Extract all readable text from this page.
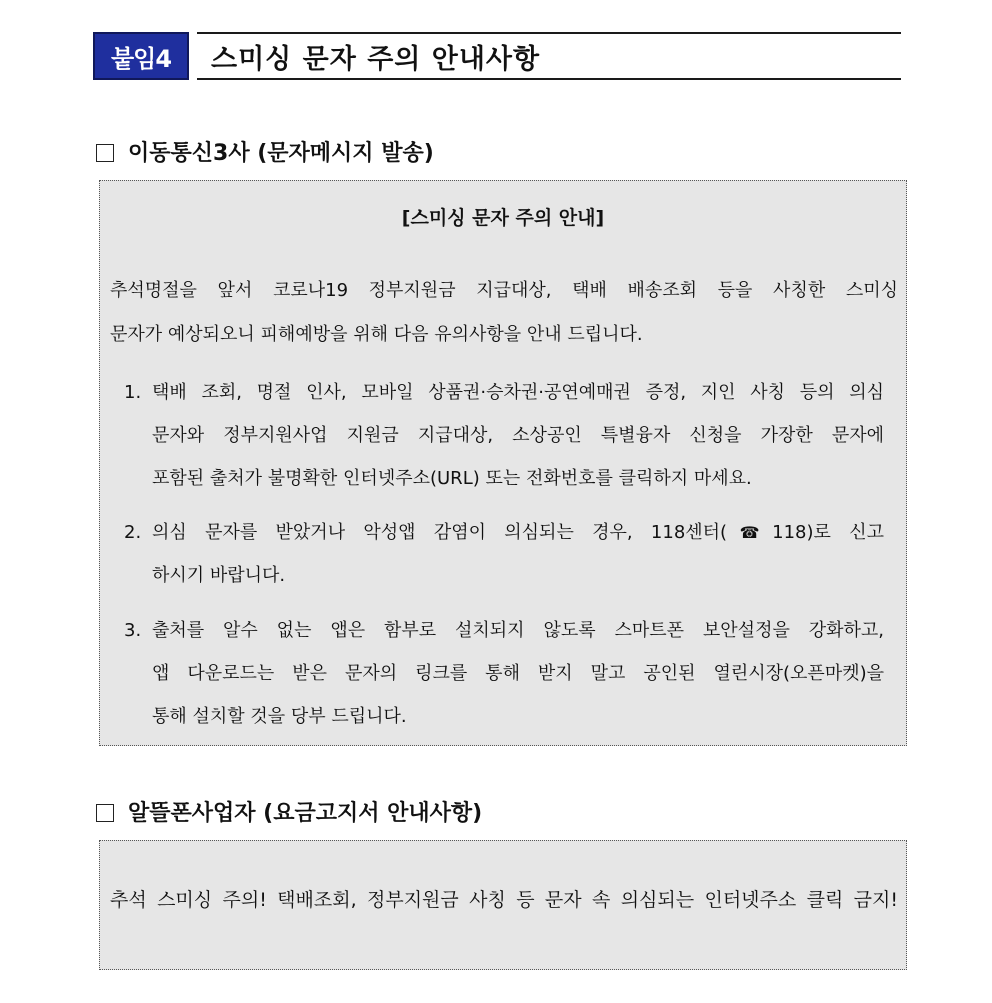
붙임4	스미싱 문자 주의 안내사항
이동통신3사 (문자메시지 발송)
[스미싱 문자 주의 안내]
추석명절을 앞서 코로나19 정부지원금 지급대상, 택배 배송조회 등을 사칭한 스미싱
문자가 예상되오니 피해예방을 위해 다음 유의사항을 안내 드립니다.
1. 택배 조회, 명절 인사, 모바일 상품권·승차권·공연예매권 증정, 지인 사칭 등의 의심
문자와 정부지원사업 지원금 지급대상, 소상공인 특별융자 신청을 가장한 문자에
포함된 출처가 불명확한 인터넷주소(URL) 또는 전화번호를 클릭하지 마세요.
2. 의심 문자를 받았거나 악성앱 감염이 의심되는 경우, 118센터(☎118)로 신고
하시기 바랍니다.
3. 출처를 알수 없는 앱은 함부로 설치되지 않도록 스마트폰 보안설정을 강화하고,
앱 다운로드는 받은 문자의 링크를 통해 받지 말고 공인된 열린시장(오픈마켓)을
통해 설치할 것을 당부 드립니다.
알뜰폰사업자 (요금고지서 안내사항)
추석 스미싱 주의! 택배조회, 정부지원금 사칭 등 문자 속 의심되는 인터넷주소 클릭 금지!
